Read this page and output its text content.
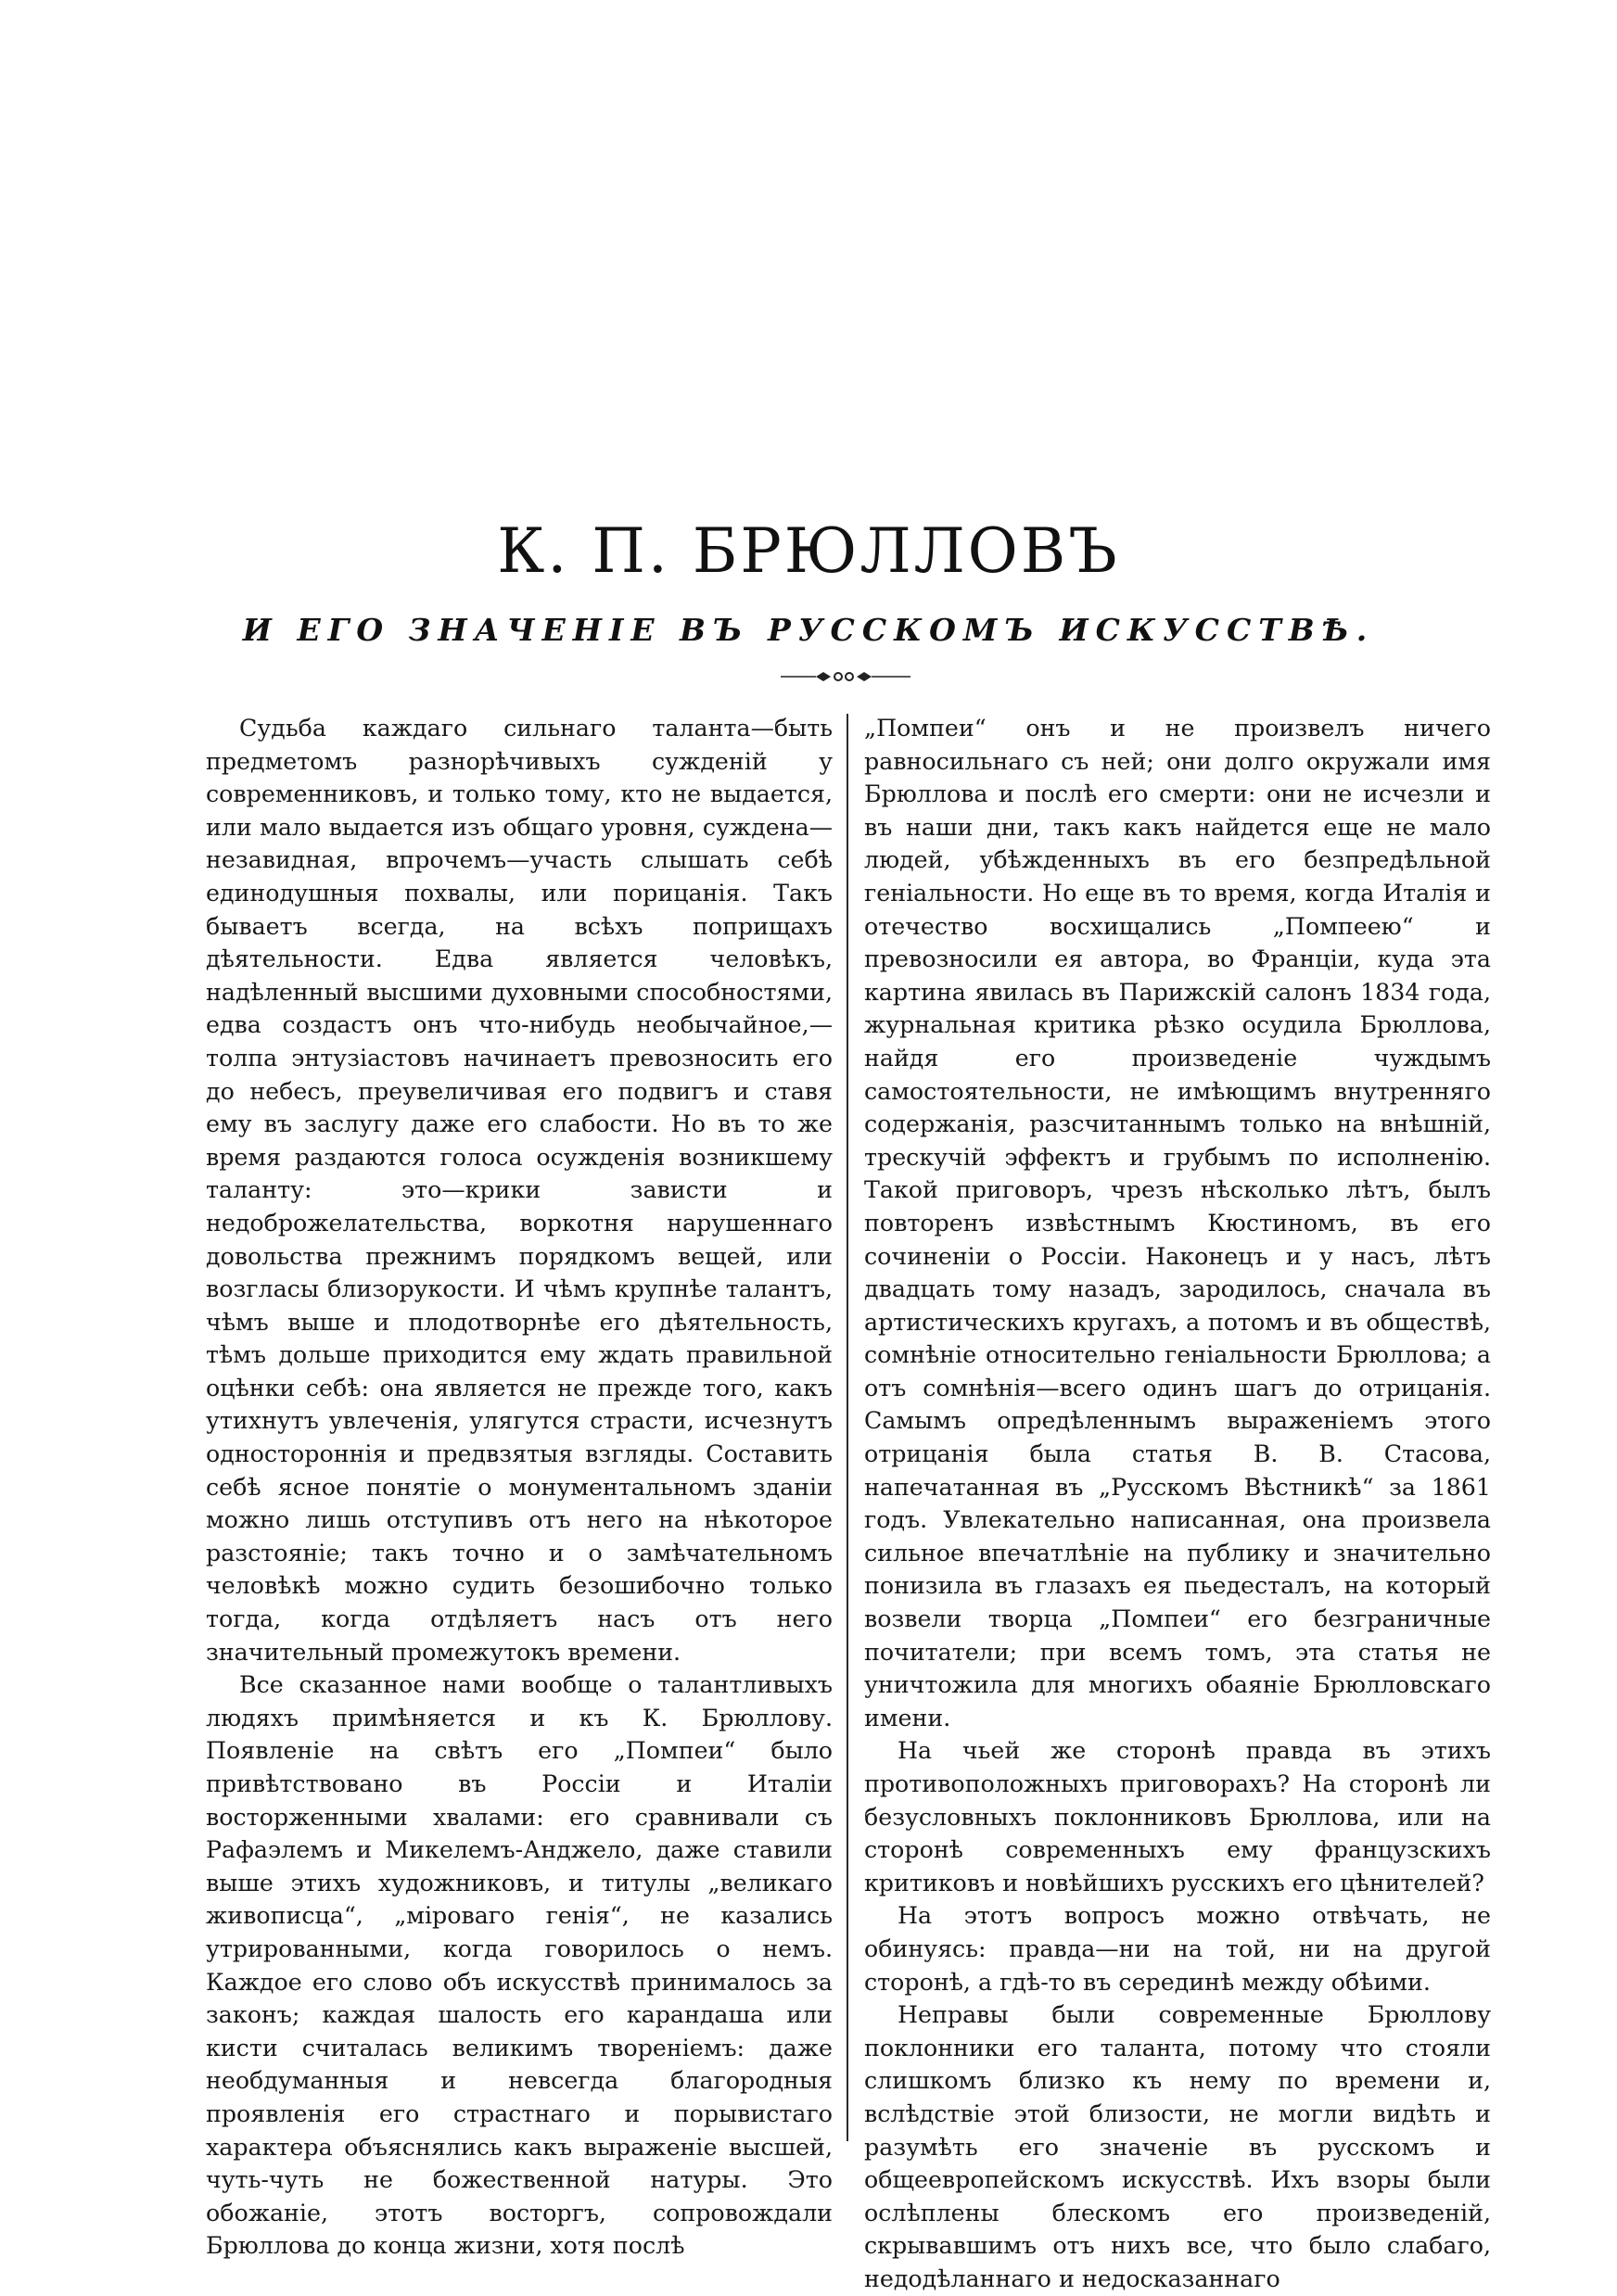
К. П. БРЮЛЛОВЪ
И ЕГО ЗНАЧЕНІЕ ВЪ РУССКОМЪ ИСКУССТВѢ.

Судьба каждаго сильнаго таланта—быть предметомъ разнорѣчивыхъ сужденій у современниковъ, и только тому, кто не выдается, или мало выдается изъ общаго уровня, суждена—незавидная, впрочемъ—участь слышать себѣ единодушныя похвалы, или порицанія. Такъ бываетъ всегда, на всѣхъ поприщахъ дѣятельности. Едва является человѣкъ, надѣленный высшими духовными способностями, едва создастъ онъ что-нибудь необычайное,—толпа энтузіастовъ начинаетъ превозносить его до небесъ, преувеличивая его подвигъ и ставя ему въ заслугу даже его слабости. Но въ то же время раздаются голоса осужденія возникшему таланту: это—крики зависти и недоброжелательства, воркотня нарушеннаго довольства прежнимъ порядкомъ вещей, или возгласы близорукости. И чѣмъ крупнѣе талантъ, чѣмъ выше и плодотворнѣе его дѣятельность, тѣмъ дольше приходится ему ждать правильной оцѣнки себѣ: она является не прежде того, какъ утихнутъ увлеченія, улягутся страсти, исчезнутъ одностороннія и предвзятыя взгляды. Составить себѣ ясное понятіе о монументальномъ зданіи можно лишь отступивъ отъ него на нѣкоторое разстояніе; такъ точно и о замѣчательномъ человѣкѣ можно судить безошибочно только тогда, когда отдѣляетъ насъ отъ него значительный промежутокъ времени.

Все сказанное нами вообще о талантливыхъ людяхъ примѣняется и къ К. Брюллову. Появленіе на свѣтъ его „Помпеи“ было привѣтствовано въ Россіи и Италіи восторженными хвалами: его сравнивали съ Рафаэлемъ и Микелемъ-Анджело, даже ставили выше этихъ художниковъ, и титулы „великаго живописца“, „міроваго генія“, не казались утрированными, когда говорилось о немъ. Каждое его слово объ искусствѣ принималось за законъ; каждая шалость его карандаша или кисти считалась великимъ твореніемъ: даже необдуманныя и невсегда благородныя проявленія его страстнаго и порывистаго характера объяснялись какъ выраженіе высшей, чуть-чуть не божественной натуры. Это обожаніе, этотъ восторгъ, сопровождали Брюллова до конца жизни, хотя послѣ

„Помпеи“ онъ и не произвелъ ничего равносильнаго съ ней; они долго окружали имя Брюллова и послѣ его смерти: они не исчезли и въ наши дни, такъ какъ найдется еще не мало людей, убѣжденныхъ въ его безпредѣльной геніальности. Но еще въ то время, когда Италія и отечество восхищались „Помпеею“ и превозносили ея автора, во Франціи, куда эта картина явилась въ Парижскій салонъ 1834 года, журнальная критика рѣзко осудила Брюллова, найдя его произведеніе чуждымъ самостоятельности, не имѣющимъ внутренняго содержанія, разсчитаннымъ только на внѣшній, трескучій эффектъ и грубымъ по исполненію. Такой приговоръ, чрезъ нѣсколько лѣтъ, былъ повторенъ извѣстнымъ Кюстиномъ, въ его сочиненіи о Россіи. Наконецъ и у насъ, лѣтъ двадцать тому назадъ, зародилось, сначала въ артистическихъ кругахъ, а потомъ и въ обществѣ, сомнѣніе относительно геніальности Брюллова; а отъ сомнѣнія—всего одинъ шагъ до отрицанія. Самымъ опредѣленнымъ выраженіемъ этого отрицанія была статья В. В. Стасова, напечатанная въ „Русскомъ Вѣстникѣ“ за 1861 годъ. Увлекательно написанная, она произвела сильное впечатлѣніе на публику и значительно понизила въ глазахъ ея пьедесталъ, на который возвели творца „Помпеи“ его безграничные почитатели; при всемъ томъ, эта статья не уничтожила для многихъ обаяніе Брюлловскаго имени.

На чьей же сторонѣ правда въ этихъ противоположныхъ приговорахъ? На сторонѣ ли безусловныхъ поклонниковъ Брюллова, или на сторонѣ современныхъ ему французскихъ критиковъ и новѣйшихъ русскихъ его цѣнителей?

На этотъ вопросъ можно отвѣчать, не обинуясь: правда—ни на той, ни на другой сторонѣ, а гдѣ-то въ серединѣ между обѣими.

Неправы были современные Брюллову поклонники его таланта, потому что стояли слишкомъ близко къ нему по времени и, вслѣдствіе этой близости, не могли видѣть и разумѣть его значеніе въ русскомъ и общеевропейскомъ искусствѣ. Ихъ взоры были ослѣплены блескомъ его произведеній, скрывавшимъ отъ нихъ все, что было слабаго, недодѣланнаго и недосказаннаго
